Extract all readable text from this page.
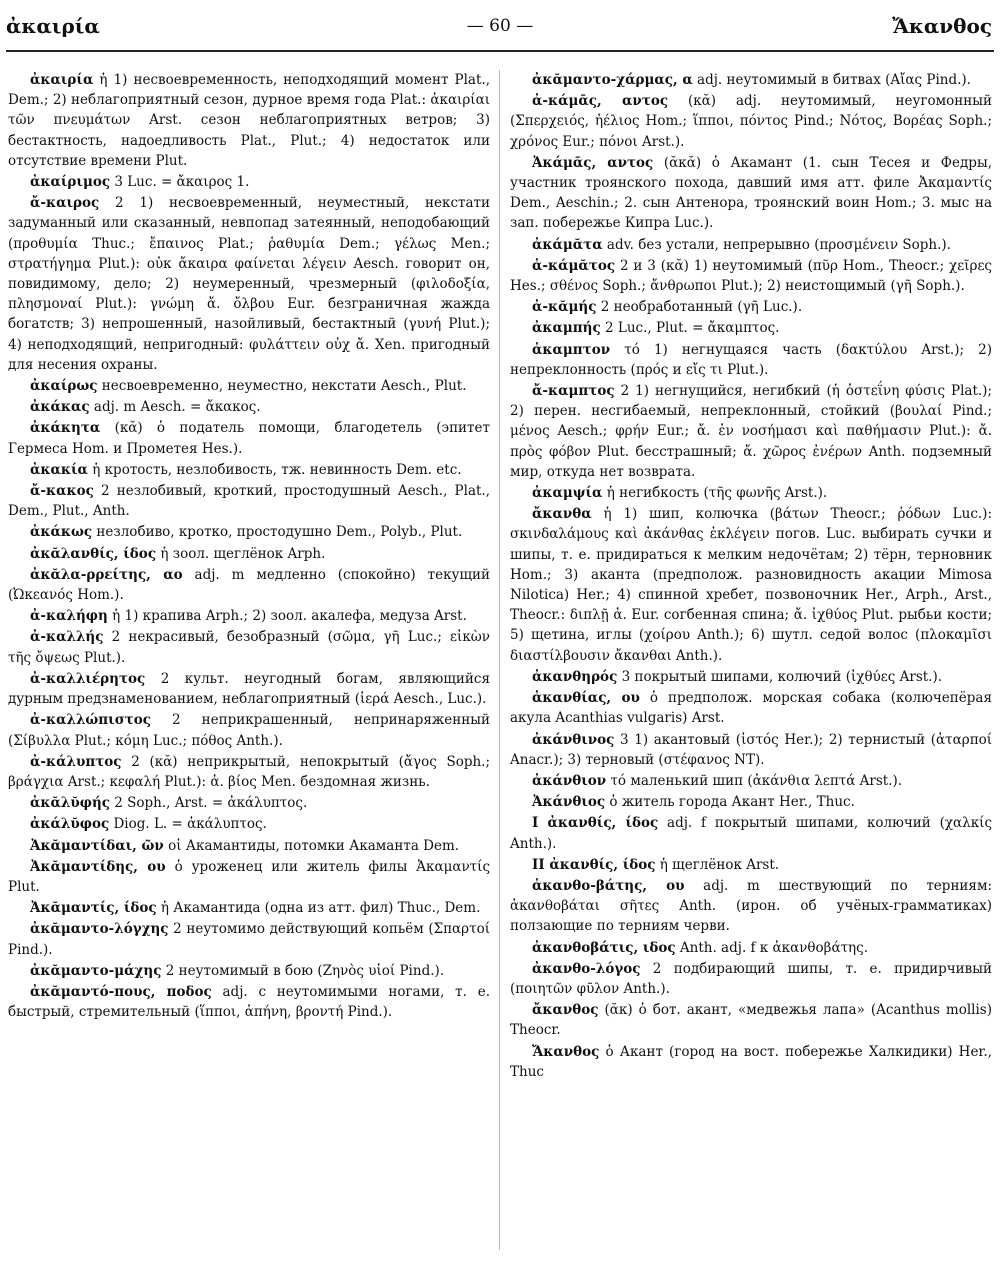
ἀκαιρία	— 60 —	Ἄκανθος

ἀκαιρία ἡ 1) несвоевременность, неподходящий момент Plat., Dem.; 2) неблагоприятный сезон, дурное время года Plat.: ἀκαιρίαι τῶν πνευμάτων Arst. сезон неблагоприятных ветров; 3) бестактность, надоедливость Plat., Plut.; 4) недостаток или отсутствие времени Plut.

ἀκαίριμος 3 Luc. = ἄκαιρος 1.

ἄ-καιρος 2 1) несвоевременный, неуместный, некстати задуманный или сказанный, невпопад затеянный, неподобающий (προθυμία Thuc.; ἔπαινος Plat.; ῥαθυμία Dem.; γέλως Men.; στρατήγημα Plut.): οὐκ ἄκαιρα φαίνεται λέγειν Aesch. говорит он, повидимому, дело; 2) неумеренный, чрезмерный (φιλοδοξία, πλησμοναί Plut.): γνώμη ἄ. ὄλβου Eur. безграничная жажда богатств; 3) непрошенный, назойливый, бестактный (γυνή Plut.); 4) неподходящий, непригодный: φυλάττειν οὐχ ἄ. Xen. пригодный для несения охраны.

ἀκαίρως несвоевременно, неуместно, некстати Aesch., Plut.

ἀκάκας adj. m Aesch. = ἄκακος.

ἀκάκητα (κᾰ) ὁ податель помощи, благодетель (эпитет Гермеса Hom. и Прометея Hes.).

ἀκακία ἡ кротость, незлобивость, тж. невинность Dem. etc.

ἄ-κακος 2 незлобивый, кроткий, простодушный Aesch., Plat., Dem., Plut., Anth.

ἀκάκως незлобиво, кротко, простодушно Dem., Polyb., Plut.

ἀκᾰλανθίς, ίδος ἡ зоол. щеглёнок Arph.

ἀκᾰλα-ρρείτης, αο adj. m медленно (спокойно) текущий (Ὠκεανός Hom.).

ἀ-καλήφη ἡ 1) крапива Arph.; 2) зоол. акалефа, медуза Arst.

ἀ-καλλής 2 некрасивый, безобразный (σῶμα, γῆ Luc.; εἰκὼν τῆς ὄψεως Plut.).

ἀ-καλλιέρητος 2 культ. неугодный богам, являющийся дурным предзнаменованием, неблагоприятный (ἱερά Aesch., Luc.).

ἀ-καλλώπιστος 2 неприкрашенный, непринаряженный (Σίβυλλα Plut.; κόμη Luc.; πόθος Anth.).

ἀ-κάλυπτος 2 (κᾰ) неприкрытый, непокрытый (ἄγος Soph.; βράγχια Arst.; κεφαλή Plut.): ἀ. βίος Men. бездомная жизнь.

ἀκᾰλῠφής 2 Soph., Arst. = ἀκάλυπτος.

ἀκάλῠφος Diog. L. = ἀκάλυπτος.

Ἀκᾰμαντίδαι, ῶν οἱ Акамантиды, потомки Акаманта Dem.

Ἀκᾰμαντίδης, ου ὁ уроженец или житель филы Ἀκαμαντίς Plut.

Ἀκᾰμαντίς, ίδος ἡ Акамантида (одна из атт. фил) Thuc., Dem.

ἀκᾰμαντο-λόγχης 2 неутомимо действующий копьём (Σπαρτοί Pind.).

ἀκᾰμαντο-μάχης 2 неутомимый в бою (Ζηνὸς υἱοί Pind.).

ἀκᾰμαντό-πους, ποδος adj. с неутомимыми ногами, т. е. быстрый, стремительный (ἵπποι, ἀπήνη, βροντή Pind.).

ἀκᾰμαντο-χάρμας, α adj. неутомимый в битвах (Αἴας Pind.).

ἀ-κάμᾱς, αντος (κᾰ) adj. неутомимый, неугомонный (Σπερχειός, ἠέλιος Hom.; ἵπποι, πόντος Pind.; Νότος, Βορέας Soph.; χρόνος Eur.; πόνοι Arst.).

Ἀκάμᾱς, αντος (ᾰκᾰ) ὁ Акамант (1. сын Тесея и Федры, участник троянского похода, давший имя атт. филе Ἀκαμαντίς Dem., Aeschin.; 2. сын Антенора, троянский воин Hom.; 3. мыс на зап. побережье Кипра Luc.).

ἀκάμᾰτα adv. без устали, непрерывно (προσμένειν Soph.).

ἀ-κάμᾰτος 2 и 3 (κᾰ) 1) неутомимый (πῦρ Hom., Theocr.; χεῖρες Hes.; σθένος Soph.; ἄνθρωποι Plut.); 2) неистощимый (γῆ Soph.).

ἀ-κᾰμής 2 необработанный (γῆ Luc.).

ἀκαμπής 2 Luc., Plut. = ἄκαμπτος.

ἀκαμπτον τό 1) негнущаяся часть (δακτύλου Arst.); 2) непреклонность (πρός и εἴς τι Plut.).

ἄ-καμπτος 2 1) негнущийся, негибкий (ἡ ὀστεΐνη φύσις Plat.); 2) перен. несгибаемый, непреклонный, стойкий (βουλαί Pind.; μένος Aesch.; φρήν Eur.; ἄ. ἐν νοσήμασι καὶ παθήμασιν Plut.): ἄ. πρὸς φόβον Plut. бесстрашный; ἄ. χῶρος ἐνέρων Anth. подземный мир, откуда нет возврата.

ἀκαμψία ἡ негибкость (τῆς φωνῆς Arst.).

ἄκανθα ἡ 1) шип, колючка (βάτων Theocr.; ῥόδων Luc.): σκινδαλάμους καὶ ἀκάνθας ἐκλέγειν погов. Luc. выбирать сучки и шипы, т. е. придираться к мелким недочётам; 2) тёрн, терновник Hom.; 3) аканта (предполож. разновидность акации Mimosa Nilotica) Her.; 4) спинной хребет, позвоночник Her., Arph., Arst., Theocr.: διπλῇ ἀ. Eur. согбенная спина; ἄ. ἰχθύος Plut. рыбьи кости; 5) щетина, иглы (χοίρου Anth.); 6) шутл. седой волос (πλοκαμῖσι διαστίλβουσιν ἄκανθαι Anth.).

ἀκανθηρός 3 покрытый шипами, колючий (ἰχθύες Arst.).

ἀκανθίας, ου ὁ предполож. морская собака (колючепёрая акула Acanthias vulgaris) Arst.

ἀκάνθινος 3 1) акантовый (ἱστός Her.); 2) тернистый (ἀταρποί Anacr.); 3) терновый (στέφανος NT).

ἀκάνθιον τό маленький шип (ἀκάνθια λεπτά Arst.).

Ἀκάνθιος ὁ житель города Акант Her., Thuc.

I ἀκανθίς, ίδος adj. f покрытый шипами, колючий (χαλκίς Anth.).

II ἀκανθίς, ίδος ἡ щеглёнок Arst.

ἀκανθο-βάτης, ου adj. m шествующий по терниям: ἀκανθοβάται σῆτες Anth. (ирон. об учёных-грамматиках) ползающие по терниям черви.

ἀκανθοβάτις, ιδος Anth. adj. f к ἀκανθοβάτης.

ἀκανθο-λόγος 2 подбирающий шипы, т. е. придирчивый (ποιητῶν φῦλον Anth.).

ἄκανθος (ᾰκ) ὁ бот. акант, «медвежья лапа» (Acanthus mollis) Theocr.

Ἄκανθος ὁ Акант (город на вост. побережье Халкидики) Her., Thuc
